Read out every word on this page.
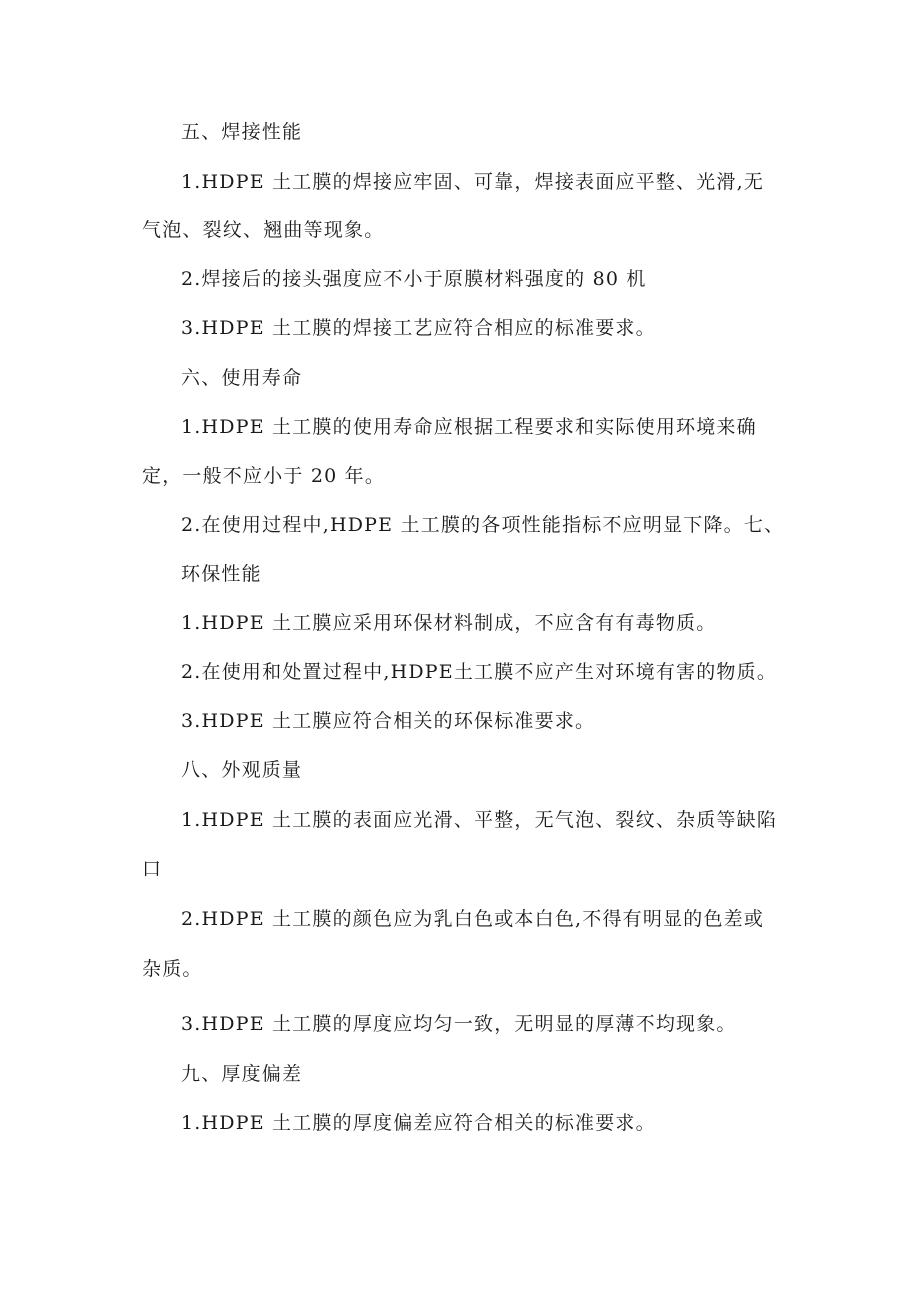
五、焊接性能
1.HDPE 土工膜的焊接应牢固、可靠，焊接表面应平整、光滑,无
气泡、裂纹、翘曲等现象。
2.焊接后的接头强度应不小于原膜材料强度的 80 机
3.HDPE 土工膜的焊接工艺应符合相应的标准要求。
六、使用寿命
1.HDPE 土工膜的使用寿命应根据工程要求和实际使用环境来确
定，一般不应小于 20 年。
2.在使用过程中,HDPE 土工膜的各项性能指标不应明显下降。七、
环保性能
1.HDPE 土工膜应采用环保材料制成，不应含有有毒物质。
2.在使用和处置过程中,HDPE土工膜不应产生对环境有害的物质。
3.HDPE 土工膜应符合相关的环保标准要求。
八、外观质量
1.HDPE 土工膜的表面应光滑、平整，无气泡、裂纹、杂质等缺陷
口
2.HDPE 土工膜的颜色应为乳白色或本白色,不得有明显的色差或
杂质。
3.HDPE 土工膜的厚度应均匀一致，无明显的厚薄不均现象。
九、厚度偏差
1.HDPE 土工膜的厚度偏差应符合相关的标准要求。
